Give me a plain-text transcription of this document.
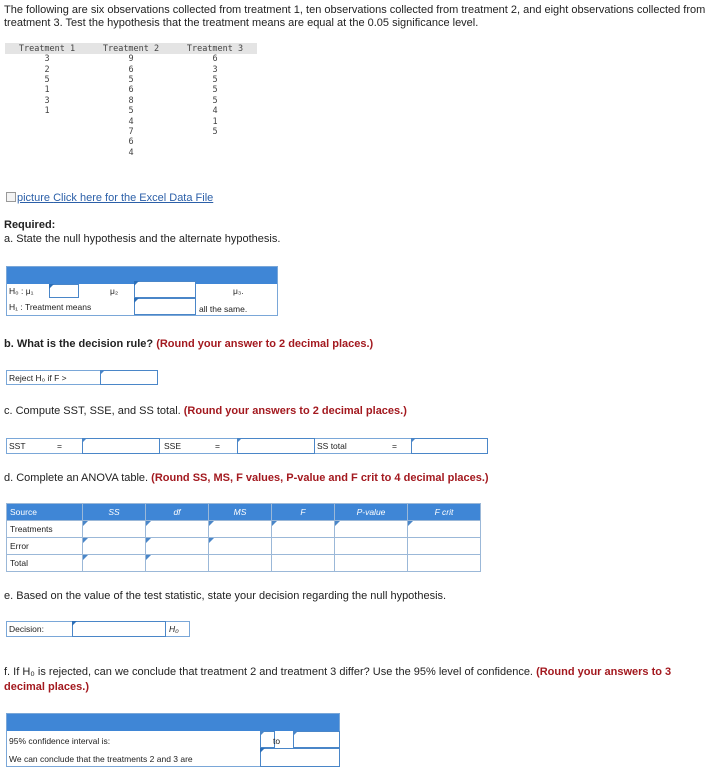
The following are six observations collected from treatment 1, ten observations collected from treatment 2, and eight observations collected from treatment 3. Test the hypothesis that the treatment means are equal at the 0.05 significance level.

Treatment 1	Treatment 2	Treatment 3
3	9	6
2	6	3
5	5	5
1	6	5
3	8	5
1	5	4
	4	1
	7	5
	6	
	4	
picture Click here for the Excel Data File
Required:
a. State the null hypothesis and the alternate hypothesis.
H₀ : μ₁	μ₂	μ₃.
H₁ : Treatment means	all the same.
b. What is the decision rule? (Round your answer to 2 decimal places.)
Reject H₀ if F >
c. Compute SST, SSE, and SS total. (Round your answers to 2 decimal places.)
SST	=	SSE	=	SS total	=
d. Complete an ANOVA table. (Round SS, MS, F values, P-value and F crit to 4 decimal places.)
Source	SS	df	MS	F	P-value	F crit
Treatments						
Error						
Total						
e. Based on the value of the test statistic, state your decision regarding the null hypothesis.
Decision:	H₀
f. If H₀ is rejected, can we conclude that treatment 2 and treatment 3 differ? Use the 95% level of confidence. (Round your answers to 3 decimal places.)
95% confidence interval is:	to
We can conclude that the treatments 2 and 3 are
